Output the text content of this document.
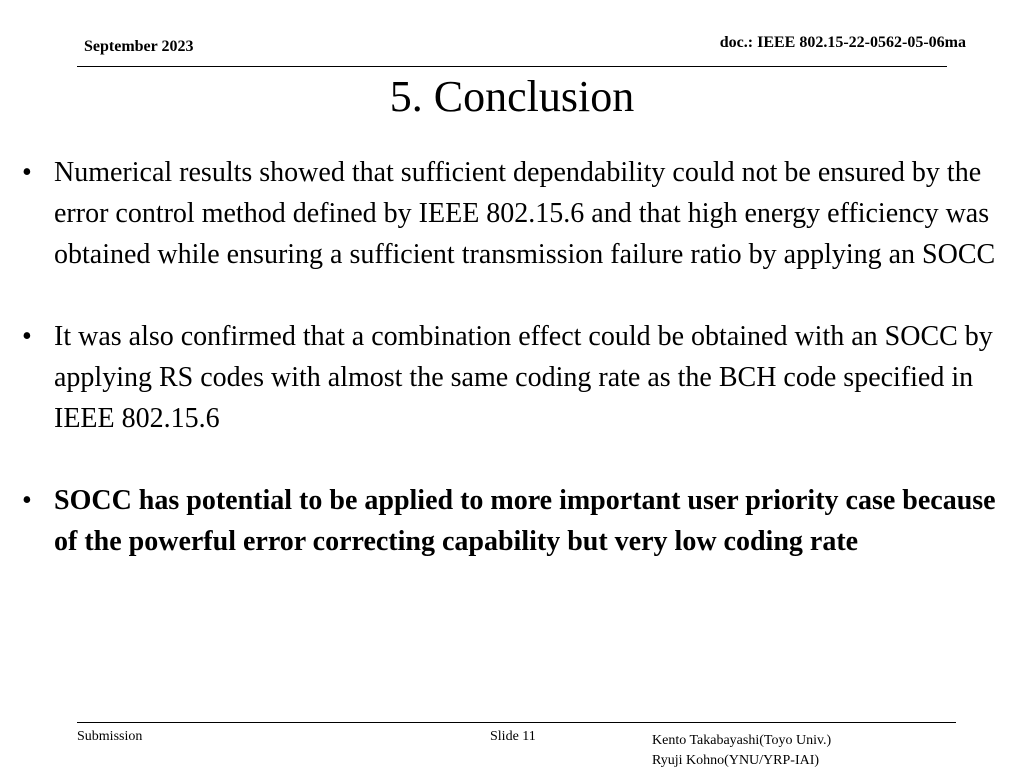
September 2023	doc.: IEEE 802.15-22-0562-05-06ma
5. Conclusion
• Numerical results showed that sufficient dependability could not be ensured by the error control method defined by IEEE 802.15.6 and that high energy efficiency was obtained while ensuring a sufficient transmission failure ratio by applying an SOCC
• It was also confirmed that a combination effect could be obtained with an SOCC by applying RS codes with almost the same coding rate as the BCH code specified in IEEE 802.15.6
• SOCC has potential to be applied to more important user priority case because of the powerful error correcting capability but very low coding rate
Submission	Slide 11	Kento Takabayashi(Toyo Univ.)
Ryuji Kohno(YNU/YRP-IAI)
